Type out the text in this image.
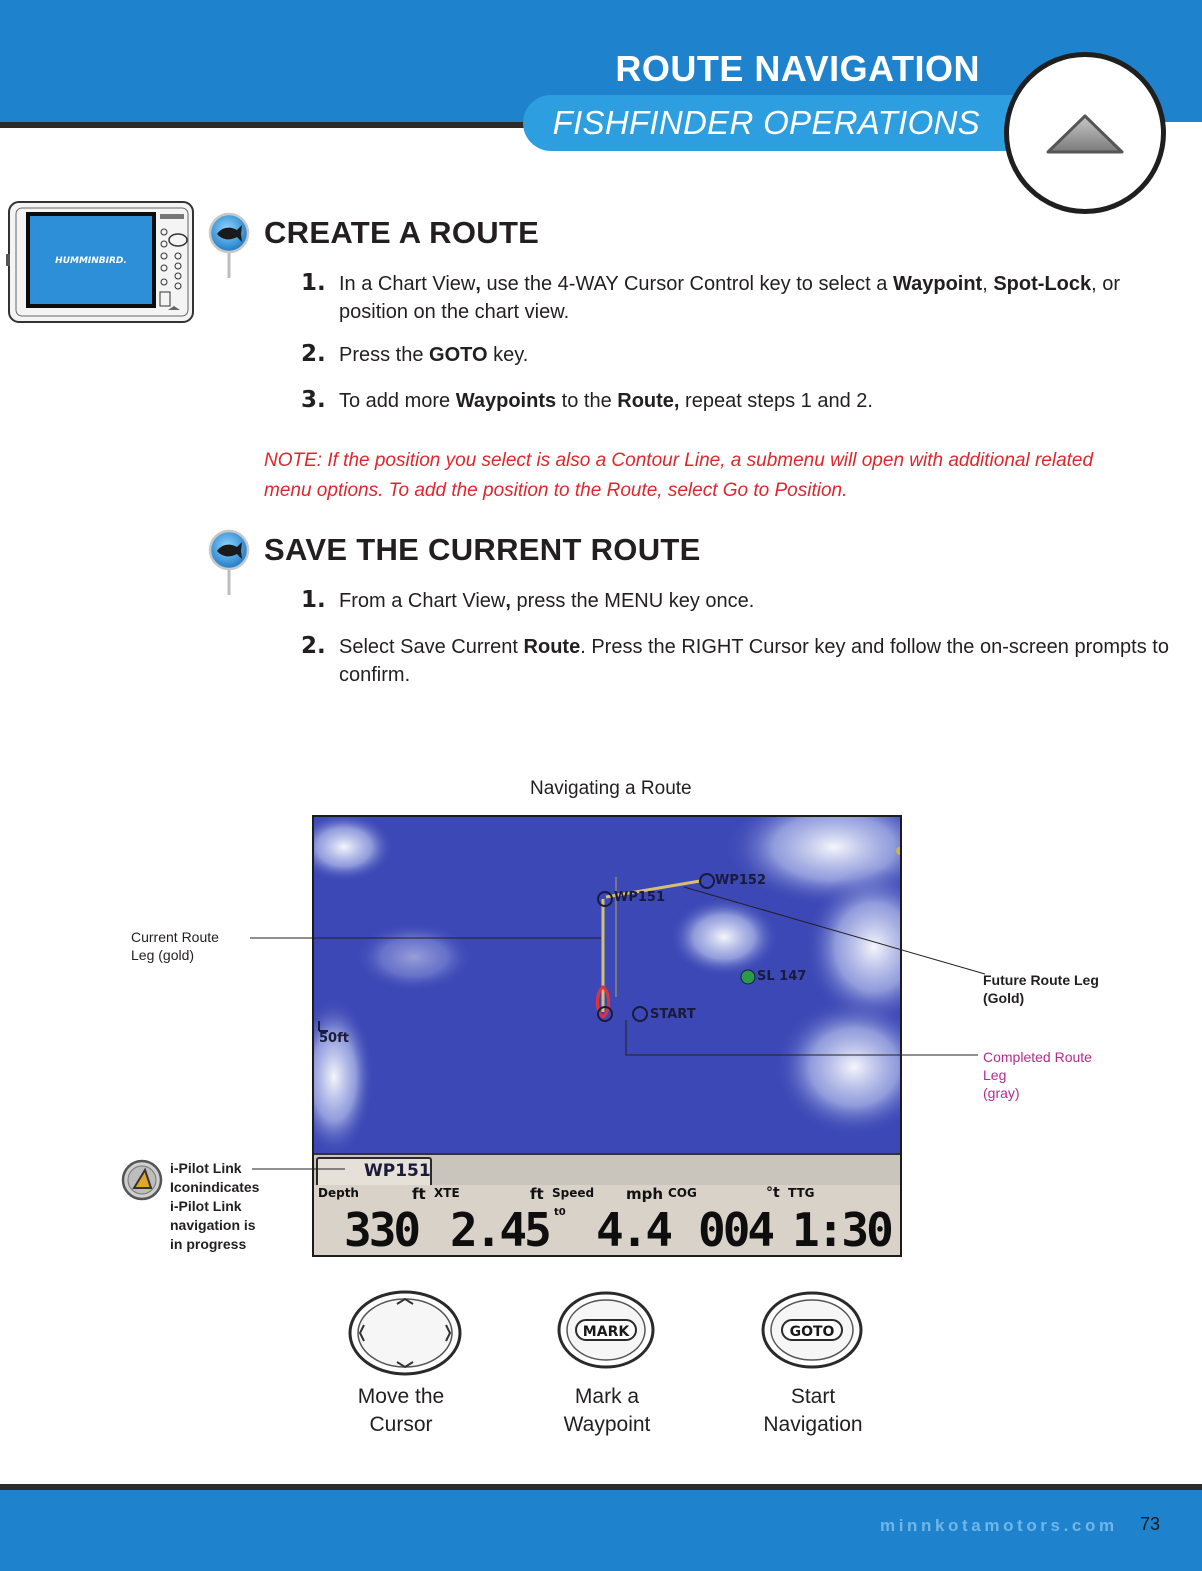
ROUTE NAVIGATION
FISHFINDER OPERATIONS
HUMMINBIRD.
CREATE A ROUTE
1. In a Chart View, use the 4-WAY Cursor Control key to select a Waypoint, Spot-Lock, or position on the chart view.
2. Press the GOTO key.
3. To add more Waypoints to the Route, repeat steps 1 and 2.
NOTE: If the position you select is also a Contour Line, a submenu will open with additional related menu options. To add the position to the Route, select Go to Position.
SAVE THE CURRENT ROUTE
1. From a Chart View, press the MENU key once.
2. Select Save Current Route. Press the RIGHT Cursor key and follow the on-screen prompts to confirm.
Navigating a Route
WP152
WP151
SL 147
START
50ft
WP151
Depth	ft XTE	ft Speed mph COG	°t TTG
t0
330 2.45 4.4 004 1:30
Current Route
Leg (gold)
Future Route Leg
(Gold)
Completed Route
Leg
(gray)
i-Pilot Link
Iconindicates
i-Pilot Link
navigation is
in progress
MARK	GOTO
Move the
Cursor
Mark a
Waypoint
Start
Navigation
minnkotamotors.com 73
